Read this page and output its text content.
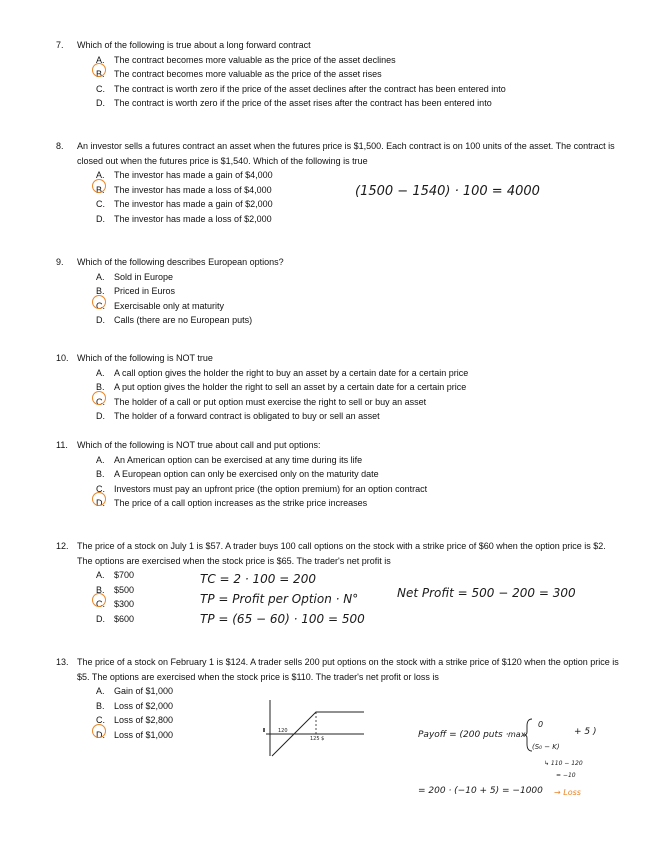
7.	Which of the following is true about a long forward contract
A.	The contract becomes more valuable as the price of the asset declines
B.	The contract becomes more valuable as the price of the asset rises
C.	The contract is worth zero if the price of the asset declines after the contract has been entered into
D.	The contract is worth zero if the price of the asset rises after the contract has been entered into
8.	An investor sells a futures contract an asset when the futures price is $1,500. Each contract is on 100 units of the asset. The contract is closed out when the futures price is $1,540. Which of the following is true
A.	The investor has made a gain of $4,000
B.	The investor has made a loss of $4,000
C.	The investor has made a gain of $2,000
D.	The investor has made a loss of $2,000
(1500 − 1540) · 100 = 4000
9.	Which of the following describes European options?
A.	Sold in Europe
B.	Priced in Euros
C.	Exercisable only at maturity
D.	Calls (there are no European puts)
10. Which of the following is NOT true
A.	A call option gives the holder the right to buy an asset by a certain date for a certain price
B.	A put option gives the holder the right to sell an asset by a certain date for a certain price
C.	The holder of a call or put option must exercise the right to sell or buy an asset
D.	The holder of a forward contract is obligated to buy or sell an asset
11.	Which of the following is NOT true about call and put options:
A.	An American option can be exercised at any time during its life
B.	A European option can only be exercised only on the maturity date
C.	Investors must pay an upfront price (the option premium) for an option contract
D.	The price of a call option increases as the strike price increases
12. The price of a stock on July 1 is $57. A trader buys 100 call options on the stock with a strike price of $60 when the option price is $2. The options are exercised when the stock price is $65. The trader's net profit is
A.	$700
B.	$500
C.	$300
D.	$600
TC = 2 · 100 = 200
TP = Profit per Option · N°
TP = (65 − 60) · 100 = 500
Net Profit = 500 − 200 = 300
13. The price of a stock on February 1 is $124. A trader sells 200 put options on the stock with a strike price of $120 when the option price is $5. The options are exercised when the stock price is $110. The trader's net profit or loss is
A.	Gain of $1,000
B.	Loss of $2,000
C.	Loss of $2,800
D.	Loss of $1,000	120
125 $	Payoff = (200 puts · max
0
(S₀ − K)
+ 5 )
↳ 110 − 120
= −10
= 200 · (−10 + 5) = −1000 → Loss
